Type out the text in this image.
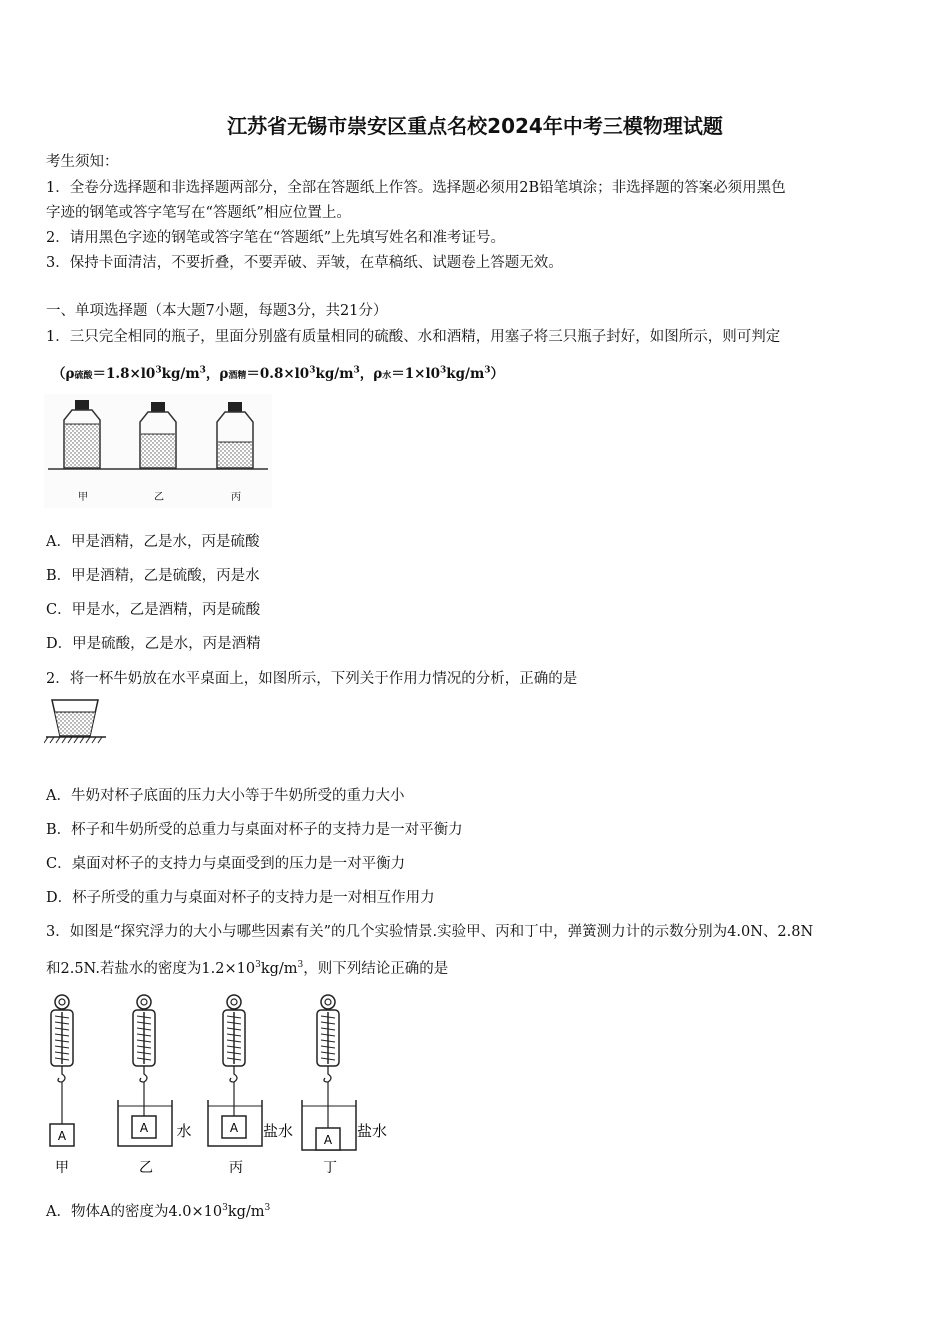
江苏省无锡市崇安区重点名校2024年中考三模物理试题
考生须知：
1．全卷分选择题和非选择题两部分，全部在答题纸上作答。选择题必须用2B铅笔填涂；非选择题的答案必须用黑色
字迹的钢笔或答字笔写在“答题纸”相应位置上。
2．请用黑色字迹的钢笔或答字笔在“答题纸”上先填写姓名和准考证号。
3．保持卡面清洁，不要折叠，不要弄破、弄皱，在草稿纸、试题卷上答题无效。
一、单项选择题（本大题7小题，每题3分，共21分）
1．三只完全相同的瓶子，里面分别盛有质量相同的硫酸、水和酒精，用塞子将三只瓶子封好，如图所示，则可判定
（ρ硫酸$=1.8\times l0^3kg/m^3$，ρ酒精$=0.8\times l0^3kg/m^3$，ρ水$=1\times l0^3kg/m^3$）
甲	乙	丙
A．甲是酒精，乙是水，丙是硫酸
B．甲是酒精，乙是硫酸，丙是水
C．甲是水，乙是酒精，丙是硫酸
D．甲是硫酸，乙是水，丙是酒精
2．将一杯牛奶放在水平桌面上，如图所示，下列关于作用力情况的分析，正确的是
A．牛奶对杯子底面的压力大小等于牛奶所受的重力大小
B．杯子和牛奶所受的总重力与桌面对杯子的支持力是一对平衡力
C．桌面对杯子的支持力与桌面受到的压力是一对平衡力
D．杯子所受的重力与桌面对杯子的支持力是一对相互作用力
3．如图是“探究浮力的大小与哪些因素有关”的几个实验情景.实验甲、丙和丁中，弹簧测力计的示数分别为4.0N、2.8N
和2.5N.若盐水的密度为$1.2\times 10^3kg/m^3$，则下列结论正确的是
A
甲
A 水
乙
A 盐水
丙
A 盐水
丁
A．物体A的密度为$4.0\times 10^3kg/m^3$
